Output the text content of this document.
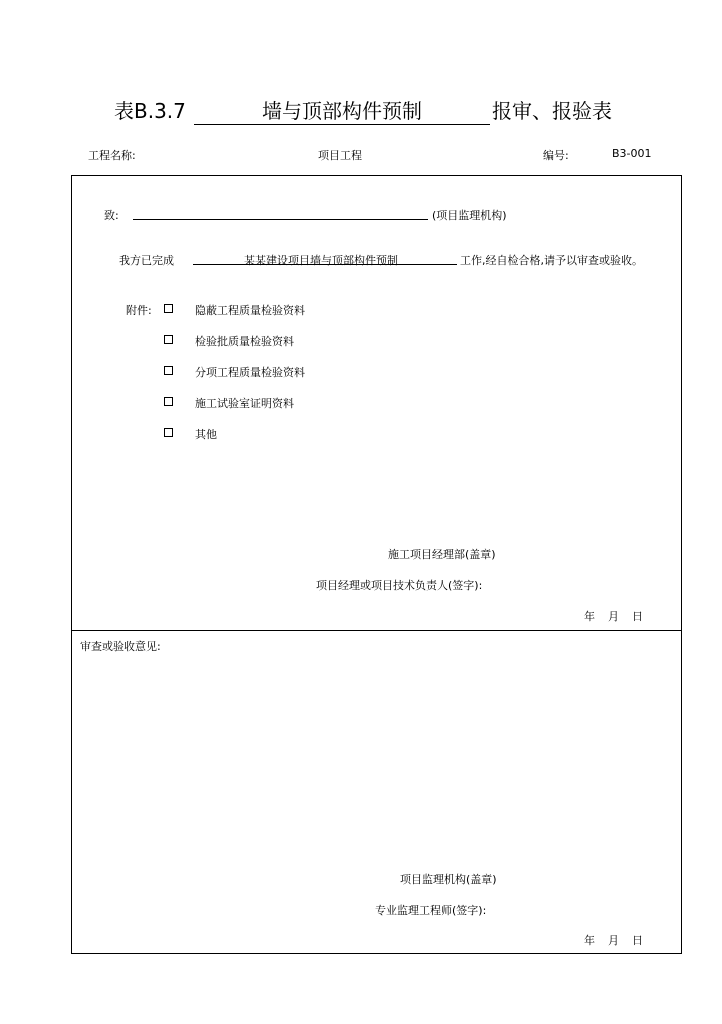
表B.3.7	墙与顶部构件预制	报审、报验表
工程名称:	项目工程	编号:	B3-001
致:	(项目监理机构)
我方已完成	某某建设项目墙与顶部构件预制	工作,经自检合格,请予以审查或验收。
附件:	隐蔽工程质量检验资料
检验批质量检验资料
分项工程质量检验资料
施工试验室证明资料
其他
施工项目经理部(盖章)
项目经理或项目技术负责人(签字):
年 月 日
审查或验收意见:
项目监理机构(盖章)
专业监理工程师(签字):
年 月 日
